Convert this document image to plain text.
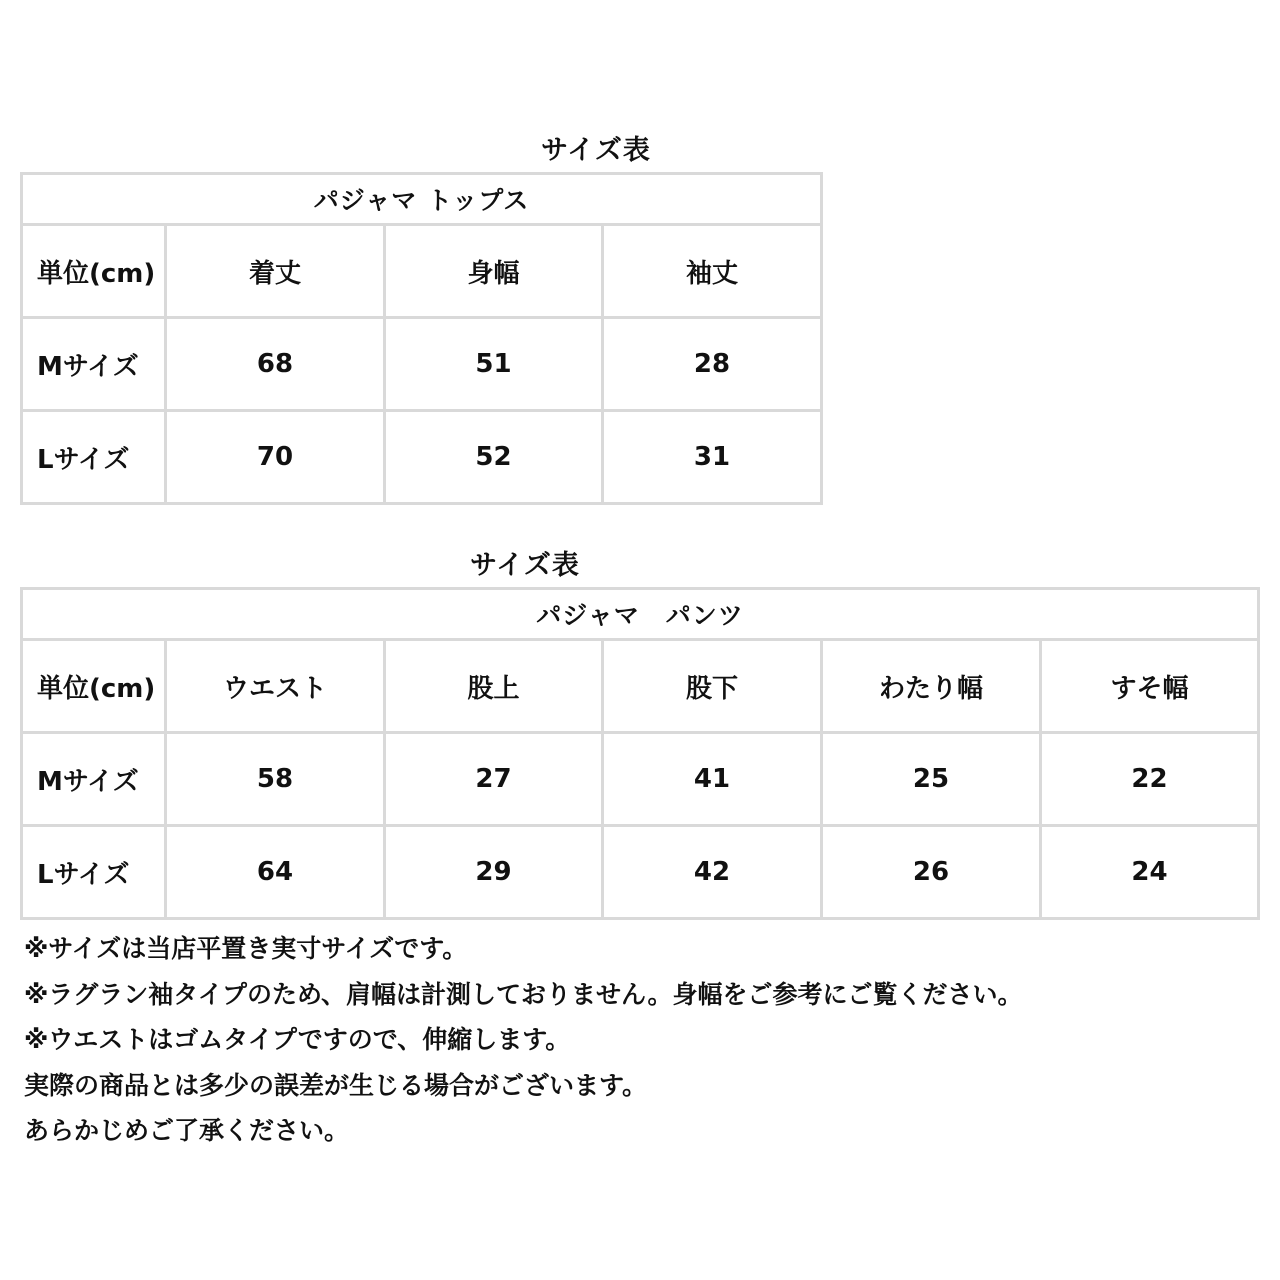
サイズ表
パジャマ トップス			
単位(cm)	着丈	身幅	袖丈
Mサイズ	68	51	28
Lサイズ	70	52	31
サイズ表
パジャマ　パンツ					
単位(cm)	ウエスト	股上	股下	わたり幅	すそ幅
Mサイズ	58	27	41	25	22
Lサイズ	64	29	42	26	24
※サイズは当店平置き実寸サイズです。
※ラグラン袖タイプのため、肩幅は計測しておりません。身幅をご参考にご覧ください。
※ウエストはゴムタイプですので、伸縮します。
実際の商品とは多少の誤差が生じる場合がございます。
あらかじめご了承ください。
